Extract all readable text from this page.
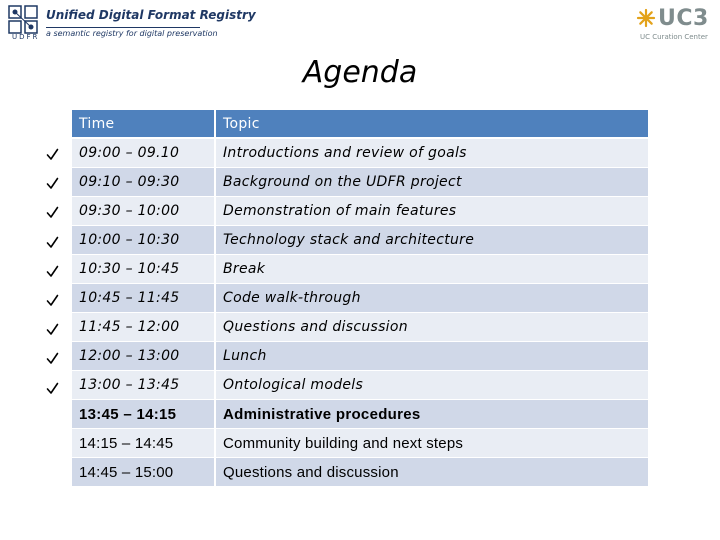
UDFR
Unified Digital Format Registry
a semantic registry for digital preservation
UC3
UC Curation Center
Agenda
Time	Topic
09:00 – 09.10	Introductions and review of goals
09:10 – 09:30	Background on the UDFR project
09:30 – 10:00	Demonstration of main features
10:00 – 10:30	Technology stack and architecture
10:30 – 10:45	Break
10:45 – 11:45	Code walk-through
11:45 – 12:00	Questions and discussion
12:00 – 13:00	Lunch
13:00 – 13:45	Ontological models
13:45 – 14:15	Administrative procedures
14:15 – 14:45	Community building and next steps
14:45 – 15:00	Questions and discussion
